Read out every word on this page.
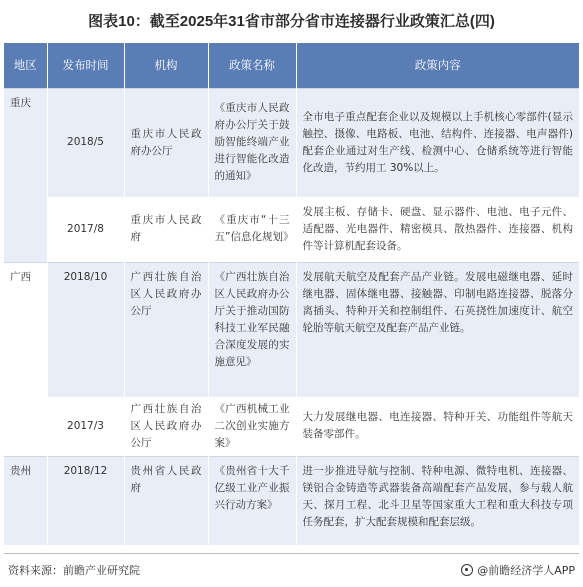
图表10：截至2025年31省市部分省市连接器行业政策汇总(四)
地区	发布时间	机构	政策名称	政策内容
重庆	2018/5	重庆市人民政府办公厅	《重庆市人民政府办公厅关于鼓励智能终端产业进行智能化改造的通知》	全市电子重点配套企业以及规模以上手机核心零部件(显示触控、摄像、电路板、电池、结构件、连接器、电声器件)配套企业通过对生产线、检测中心、仓储系统等进行智能化改造，节约用工 30%以上。
	2017/8	重庆市人民政府	《重庆市“十三五”信息化规划》	发展主板、存储卡、硬盘、显示器件、电池、电子元件、适配器、光电器件、精密模具、散热器件、连接器、机构件等计算机配套设备。
广西	2018/10	广西壮族自治区人民政府办公厅	《广西壮族自治区人民政府办公厅关于推动国防科技工业军民融合深度发展的实施意见》	发展航天航空及配套产品产业链。发展电磁继电器、延时继电器、固体继电器、接触器、印制电路连接器、脱落分离插头、特种开关和控制组件、石英挠性加速度计、航空轮胎等航天航空及配套产品产业链。
	2017/3	广西壮族自治区人民政府办公厅	《广西机械工业二次创业实施方案》	大力发展继电器、电连接器、特种开关、功能组件等航天装备零部件。
贵州	2018/12	贵州省人民政府	《贵州省十大千亿级工业产业振兴行动方案》	进一步推进导航与控制、特种电源、微特电机、连接器、镁铝合金铸造等武器装备高端配套产品发展，参与载人航天、探月工程、北斗卫星等国家重大工程和重大科技专项任务配套，扩大配套规模和配套层级。
资料来源：前瞻产业研究院	@前瞻经济学人APP
